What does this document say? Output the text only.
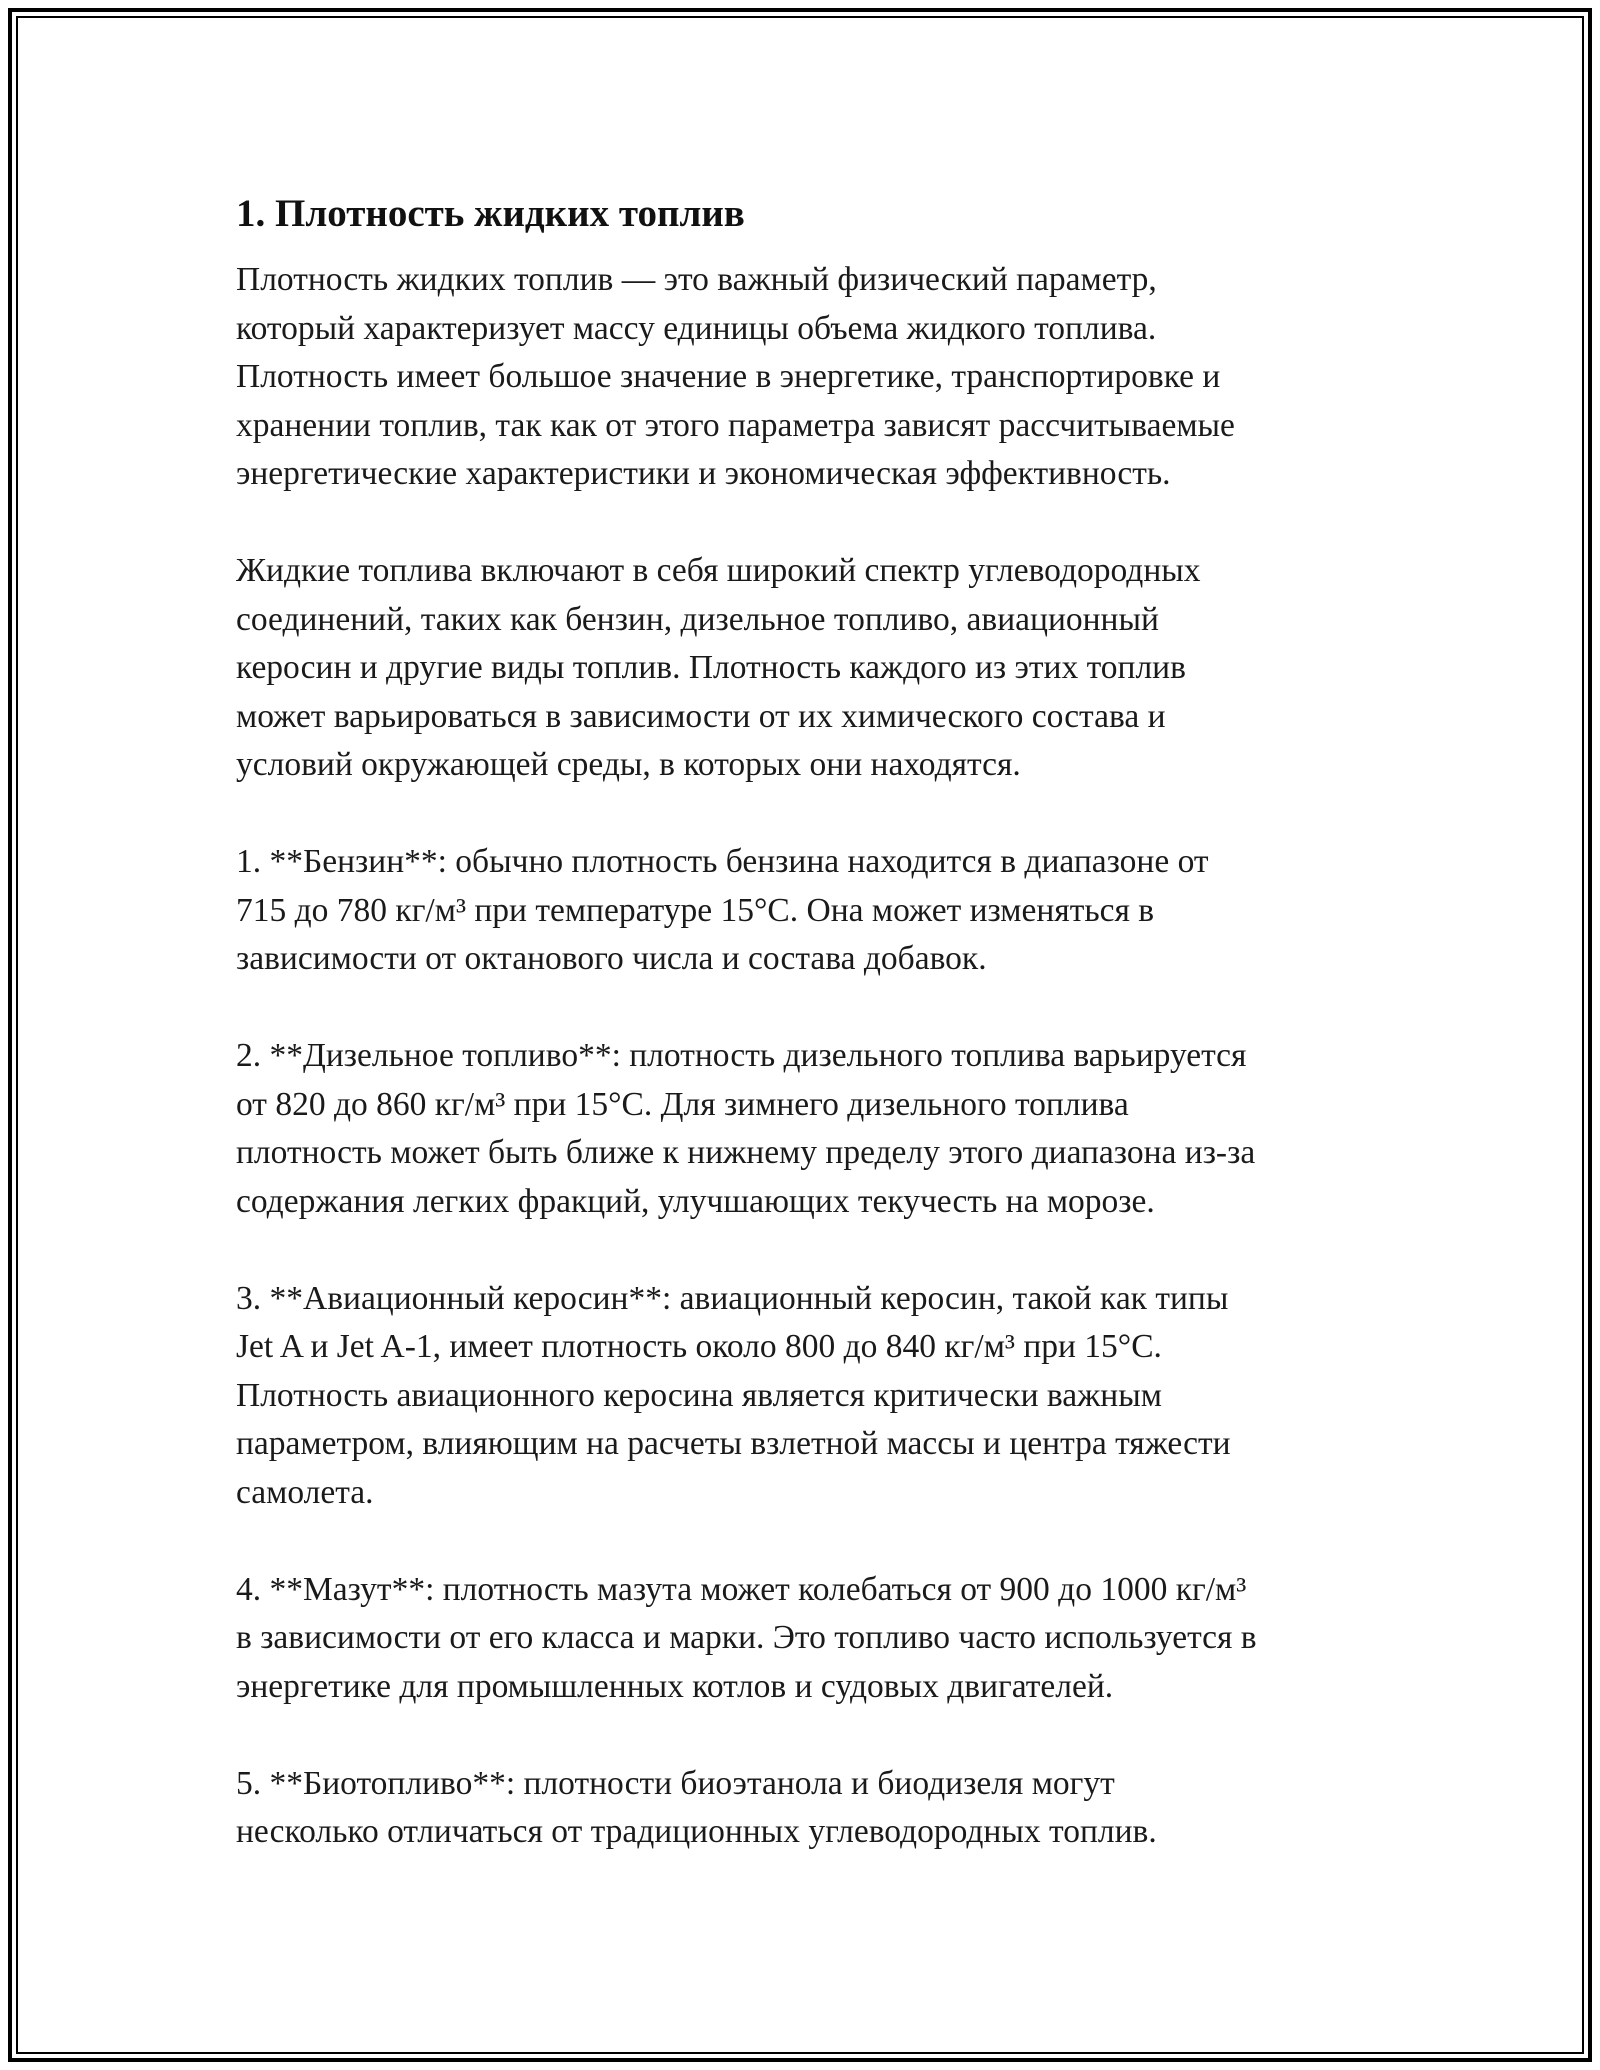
1. Плотность жидких топлив

Плотность жидких топлив — это важный физический параметр,
который характеризует массу единицы объема жидкого топлива.
Плотность имеет большое значение в энергетике, транспортировке и
хранении топлив, так как от этого параметра зависят рассчитываемые
энергетические характеристики и экономическая эффективность.

Жидкие топлива включают в себя широкий спектр углеводородных
соединений, таких как бензин, дизельное топливо, авиационный
керосин и другие виды топлив. Плотность каждого из этих топлив
может варьироваться в зависимости от их химического состава и
условий окружающей среды, в которых они находятся.

1. **Бензин**: обычно плотность бензина находится в диапазоне от
715 до 780 кг/м³ при температуре 15°C. Она может изменяться в
зависимости от октанового числа и состава добавок.

2. **Дизельное топливо**: плотность дизельного топлива варьируется
от 820 до 860 кг/м³ при 15°C. Для зимнего дизельного топлива
плотность может быть ближе к нижнему пределу этого диапазона из-за
содержания легких фракций, улучшающих текучесть на морозе.

3. **Авиационный керосин**: авиационный керосин, такой как типы
Jet A и Jet A-1, имеет плотность около 800 до 840 кг/м³ при 15°C.
Плотность авиационного керосина является критически важным
параметром, влияющим на расчеты взлетной массы и центра тяжести
самолета.

4. **Мазут**: плотность мазута может колебаться от 900 до 1000 кг/м³
в зависимости от его класса и марки. Это топливо часто используется в
энергетике для промышленных котлов и судовых двигателей.

5. **Биотопливо**: плотности биоэтанола и биодизеля могут
несколько отличаться от традиционных углеводородных топлив.
